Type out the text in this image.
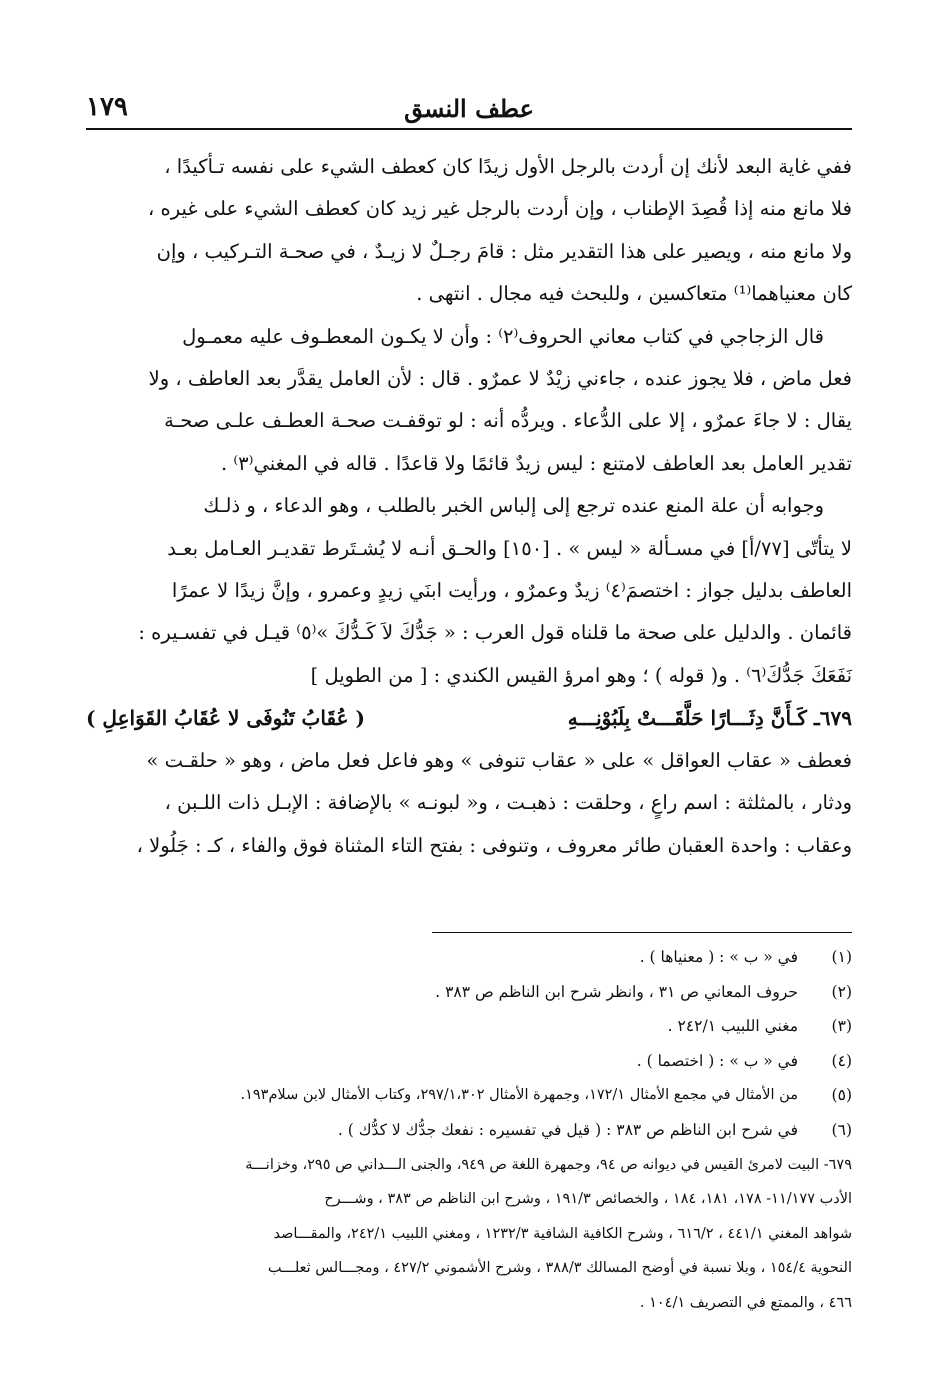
١٧٩	عطف النسق

ففي غاية البعد لأنك إن أردت بالرجل الأول زيدًا كان كعطف الشيء على نفسه تـأكيدًا ،

فلا مانع منه إذا قُصِدَ الإطناب ، وإن أردت بالرجل غير زيد كان كعطف الشيء على غيره ،

ولا مانع منه ، ويصير على هذا التقدير مثل : قامَ رجـلٌ لا زيـدٌ ، في صحـة التـركيب ، وإن

كان معنياهما⁽¹⁾ متعاكسين ، وللبحث فيه مجال . انتهى .

قال الزجاجي في كتاب معاني الحروف⁽٢⁾ : وأن لا يكـون المعطـوف عليه معمـول

فعل ماض ، فلا يجوز عنده ، جاءني زيْدٌ لا عمرٌو . قال : لأن العامل يقدَّر بعد العاطف ، ولا

يقال : لا جاءَ عمرٌو ، إلا على الدُّعاء . ويردُّه أنه : لو توقفـت صحـة العطـف علـى صحـة

تقدير العامل بعد العاطف لامتنع : ليس زيدٌ قائمًا ولا قاعدًا . قاله في المغني⁽٣⁾ .

وجوابه أن علة المنع عنده ترجع إلى إلباس الخبر بالطلب ، وهو الدعاء ، و ذلـك

لا يتأتّى [٧٧/أ] في مسـألة « ليس » . [١٥٠] والحـق أنـه لا يُشـتَرط تقديـر العـامل بعـد

العاطف بدليل جواز : اختصمَ⁽٤⁾ زيدٌ وعمرٌو ، ورأيت ابنَي زيدٍ وعمرو ، وإنَّ زيدًا لا عمرًا

قائمان . والدليل على صحة ما قلناه قول العرب : « جَدُّكَ لاَ كَـدُّكَ »⁽٥⁾ قيـل في تفسـيره :

نَفَعَكَ جَدُّكَ⁽٦⁾ . و( قوله ) ؛ وهو امرؤ القيس الكندي : [ من الطويل ]

٦٧٩ـ كَـأَنَّ دِثَـــارًا حَلَّقَـــتْ بِلَبُوْنِـــهِ
( عُقَابُ تَنُوفَى لا عُقَابُ القَوَاعِلِ )

فعطف « عقاب العواقل » على « عقاب تنوفى » وهو فاعل فعل ماض ، وهو « حلقـت »

ودثار ، بالمثلثة : اسم راعٍ ، وحلقت : ذهبـت ، و« لبونـه » بالإضافة : الإبـل ذات اللـبن ،

وعقاب : واحدة العقبان طائر معروف ، وتنوفى : بفتح التاء المثناة فوق والفاء ، كـ : جَلُولا ،

(١)
في « ب » : ( معنياها ) .
(٢)
حروف المعاني ص ٣١ ، وانظر شرح ابن الناظم ص ٣٨٣ .
(٣)
مغني اللبيب ٢٤٢/١ .
(٤)
في « ب » : ( اختصما ) .
(٥)
من الأمثال في مجمع الأمثال ١٧٢/١، وجمهرة الأمثال ٢٩٧/١،٣٠٢، وكتاب الأمثال لابن سلام١٩٣.
(٦)
في شرح ابن الناظم ص ٣٨٣ : ( قيل في تفسيره : نفعك جدُّك لا كدُّك ) .
٦٧٩- البيت لامرئ القيس في ديوانه ص ٩٤، وجمهرة اللغة ص ٩٤٩، والجنى الـــداني ص ٢٩٥، وخزانـــة
الأدب ١١/١٧٧- ١٧٨، ١٨١، ١٨٤ ، والخصائص ١٩١/٣ ، وشرح ابن الناظم ص ٣٨٣ ، وشـــرح
شواهد المغني ٤٤١/١ ، ٦١٦/٢ ، وشرح الكافية الشافية ١٢٣٢/٣ ، ومغني اللبيب ٢٤٢/١، والمقـــاصد
النحوية ١٥٤/٤ ، وبلا نسبة في أوضح المسالك ٣٨٨/٣ ، وشرح الأشموني ٤٢٧/٢ ، ومجـــالس ثعلـــب
٤٦٦ ، والممتع في التصريف ١٠٤/١ .
